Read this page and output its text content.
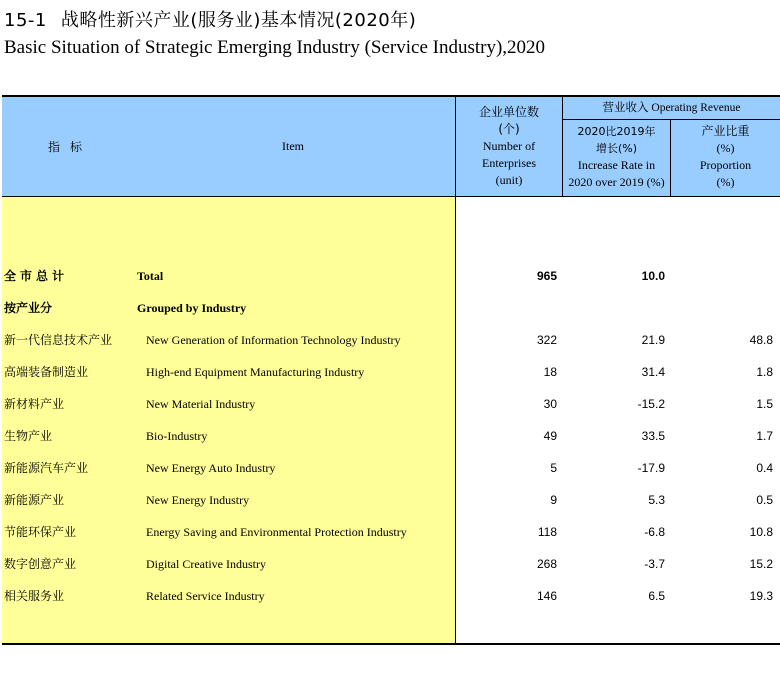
15-1 战略性新兴产业(服务业)基本情况(2020年)
Basic Situation of Strategic Emerging Industry (Service Industry),2020
指标	Item
企业单位数
(个)
Number of
Enterprises
(unit)
营业收入 Operating Revenue
2020比2019年
增长(%)
Increase Rate in
2020 over 2019 (%)
产业比重
(%)
Proportion
(%)
全市总计	Total	965	10.0
按产业分	Grouped by Industry
新一代信息技术产业	New Generation of Information Technology Industry	322	21.9	48.8
高端装备制造业	High-end Equipment Manufacturing Industry	18	31.4	1.8
新材料产业	New Material Industry	30	-15.2	1.5
生物产业	Bio-Industry	49	33.5	1.7
新能源汽车产业	New Energy Auto Industry	5	-17.9	0.4
新能源产业	New Energy Industry	9	5.3	0.5
节能环保产业	Energy Saving and Environmental Protection Industry	118	-6.8	10.8
数字创意产业	Digital Creative Industry	268	-3.7	15.2
相关服务业	Related Service Industry	146	6.5	19.3
